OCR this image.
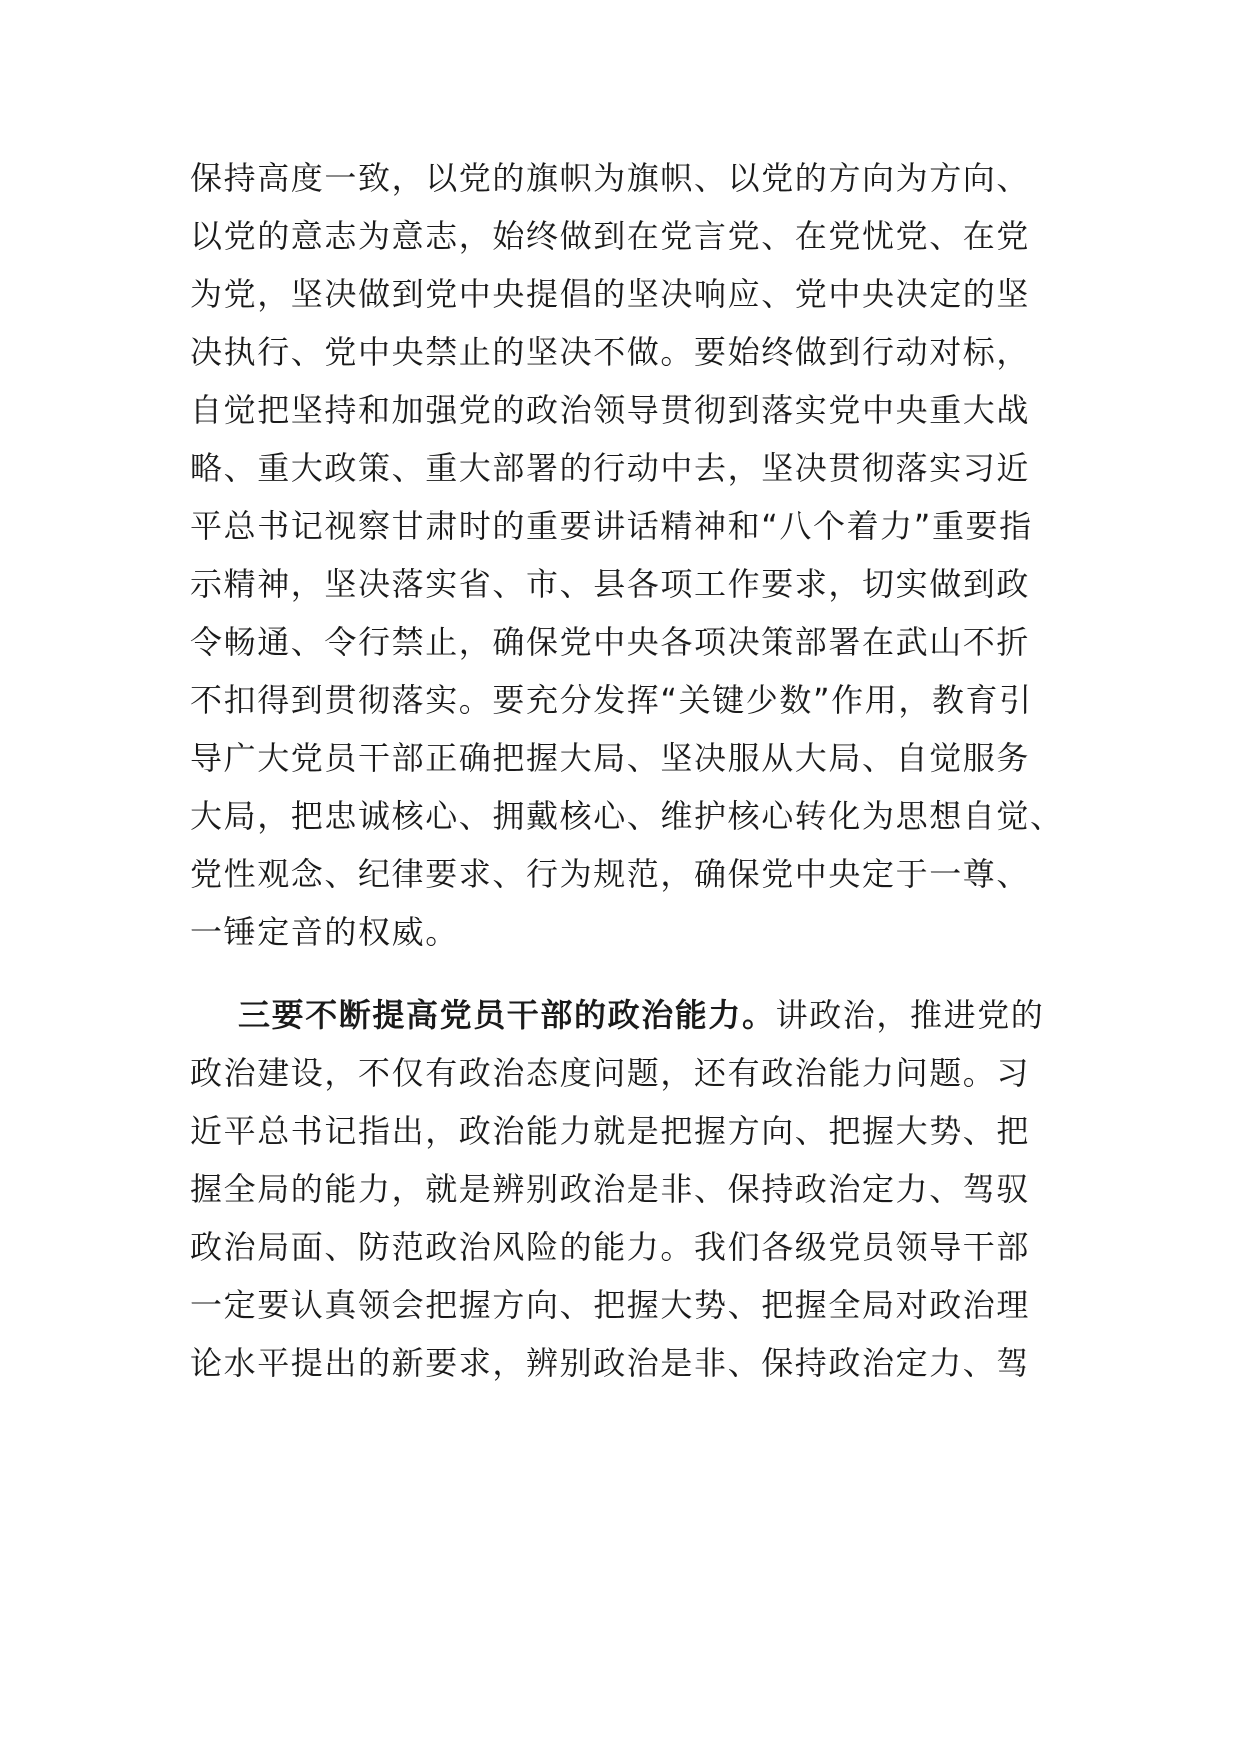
保持高度一致，以党的旗帜为旗帜、以党的方向为方向、
以党的意志为意志，始终做到在党言党、在党忧党、在党
为党，坚决做到党中央提倡的坚决响应、党中央决定的坚
决执行、党中央禁止的坚决不做。要始终做到行动对标，
自觉把坚持和加强党的政治领导贯彻到落实党中央重大战
略、重大政策、重大部署的行动中去，坚决贯彻落实习近
平总书记视察甘肃时的重要讲话精神和“八个着力”重要指
示精神，坚决落实省、市、县各项工作要求，切实做到政
令畅通、令行禁止，确保党中央各项决策部署在武山不折
不扣得到贯彻落实。要充分发挥“关键少数”作用，教育引
导广大党员干部正确把握大局、坚决服从大局、自觉服务
大局，把忠诚核心、拥戴核心、维护核心转化为思想自觉、
党性观念、纪律要求、行为规范，确保党中央定于一尊、
一锤定音的权威。
三要不断提高党员干部的政治能力。讲政治，推进党的
政治建设，不仅有政治态度问题，还有政治能力问题。习
近平总书记指出，政治能力就是把握方向、把握大势、把
握全局的能力，就是辨别政治是非、保持政治定力、驾驭
政治局面、防范政治风险的能力。我们各级党员领导干部
一定要认真领会把握方向、把握大势、把握全局对政治理
论水平提出的新要求，辨别政治是非、保持政治定力、驾
